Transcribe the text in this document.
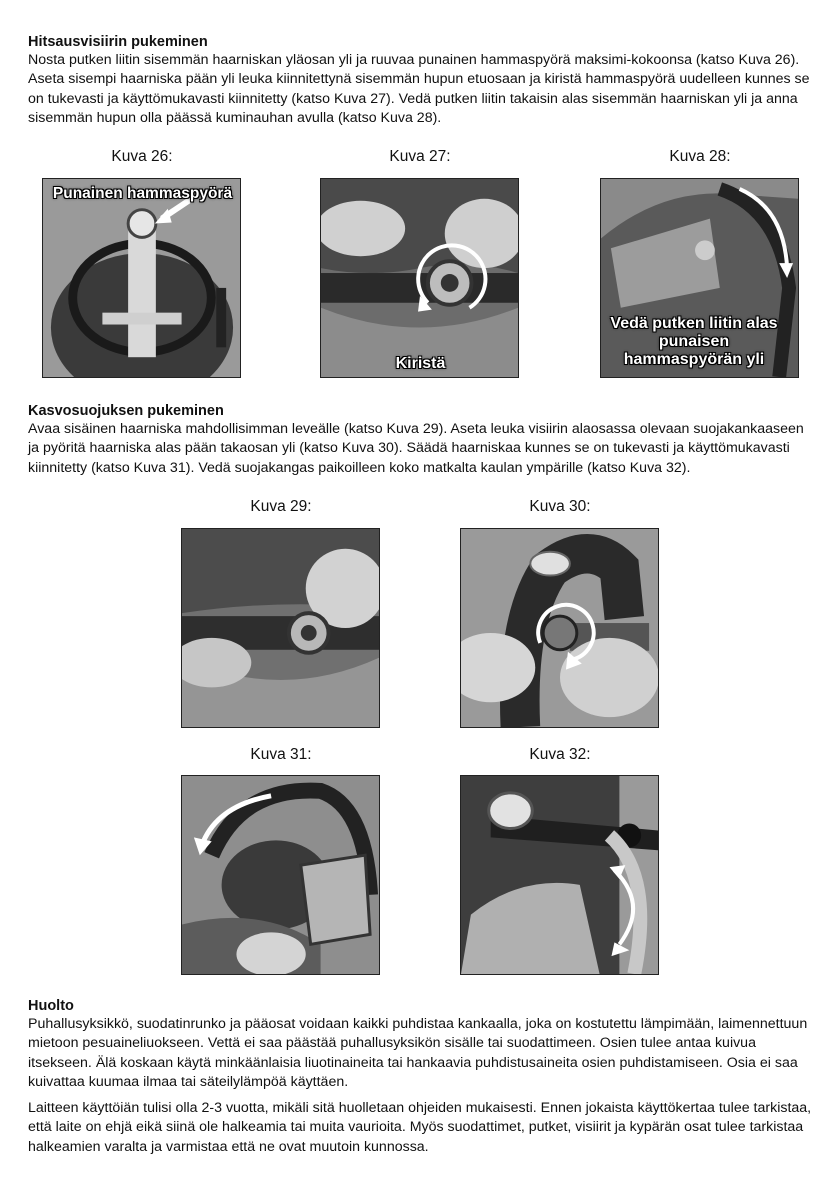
Hitsausvisiirin pukeminen

Nosta putken liitin sisemmän haarniskan yläosan yli ja ruuvaa punainen hammaspyörä maksimi-kokoonsa (katso Kuva 26). Aseta sisempi haarniska pään yli leuka kiinnitettynä sisemmän hupun etuosaan ja kiristä hammaspyörä uudelleen kunnes se on tukevasti ja käyttömukavasti kiinnitetty (katso Kuva 27). Vedä putken liitin takaisin alas sisemmän haarniskan yli ja anna sisemmän hupun olla päässä kuminauhan avulla (katso Kuva 28).

Kuva 26:	Kuva 27:	Kuva 28:
Punainen hammaspyörä
Kiristä
Vedä putken liitin alas punaisen hammaspyörän yli
Kasvosuojuksen pukeminen

Avaa sisäinen haarniska mahdollisimman leveälle (katso Kuva 29). Aseta leuka visiirin alaosassa olevaan suojakankaaseen ja pyöritä haarniska alas pään takaosan yli (katso Kuva 30). Säädä haarniskaa kunnes se on tukevasti ja käyttömukavasti kiinnitetty (katso Kuva 31). Vedä suojakangas paikoilleen koko matkalta kaulan ympärille (katso Kuva 32).

Kuva 29:	Kuva 30:
Kuva 31:	Kuva 32:
Huolto

Puhallusyksikkö, suodatinrunko ja pääosat voidaan kaikki puhdistaa kankaalla, joka on kostutettu lämpimään, laimennettuun mietoon pesuaineliuokseen. Vettä ei saa päästää puhallusyksikön sisälle tai suodattimeen. Osien tulee antaa kuivua itsekseen. Älä koskaan käytä minkäänlaisia liuotinaineita tai hankaavia puhdistusaineita osien puhdistamiseen. Osia ei saa kuivattaa kuumaa ilmaa tai säteilylämpöä käyttäen.

Laitteen käyttöiän tulisi olla 2-3 vuotta, mikäli sitä huolletaan ohjeiden mukaisesti. Ennen jokaista käyttökertaa tulee tarkistaa, että laite on ehjä eikä siinä ole halkeamia tai muita vaurioita. Myös suodattimet, putket, visiirit ja kypärän osat tulee tarkistaa halkeamien varalta ja varmistaa että ne ovat muutoin kunnossa.
